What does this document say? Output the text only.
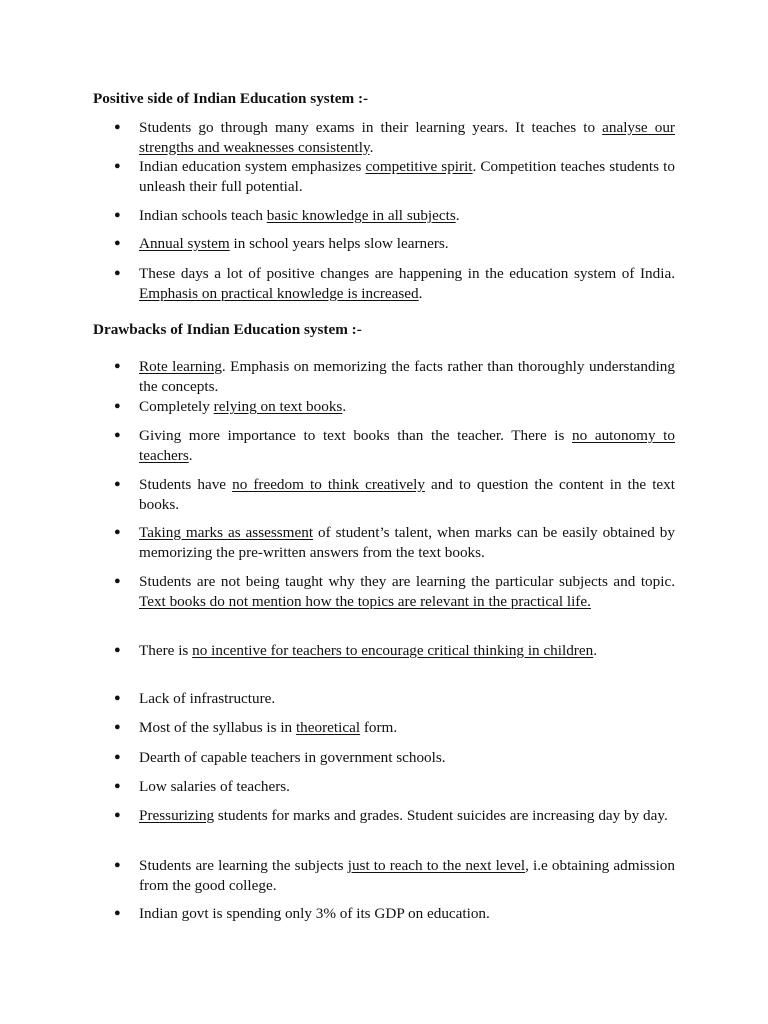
Positive side of Indian Education system :-
● Students go through many exams in their learning years. It teaches to analyse our strengths and weaknesses consistently.
● Indian education system emphasizes competitive spirit. Competition teaches students to unleash their full potential.
● Indian schools teach basic knowledge in all subjects.
● Annual system in school years helps slow learners.
● These days a lot of positive changes are happening in the education system of India. Emphasis on practical knowledge is increased.
Drawbacks of Indian Education system :-
● Rote learning. Emphasis on memorizing the facts rather than thoroughly understanding the concepts.
● Completely relying on text books.
● Giving more importance to text books than the teacher. There is no autonomy to teachers.
● Students have no freedom to think creatively and to question the content in the text books.
● Taking marks as assessment of student’s talent, when marks can be easily obtained by memorizing the pre-written answers from the text books.
● Students are not being taught why they are learning the particular subjects and topic. Text books do not mention how the topics are relevant in the practical life.
● There is no incentive for teachers to encourage critical thinking in children.
● Lack of infrastructure.
● Most of the syllabus is in theoretical form.
● Dearth of capable teachers in government schools.
● Low salaries of teachers.
● Pressurizing students for marks and grades. Student suicides are increasing day by day.
● Students are learning the subjects just to reach to the next level, i.e obtaining admission from the good college.
● Indian govt is spending only 3% of its GDP on education.
